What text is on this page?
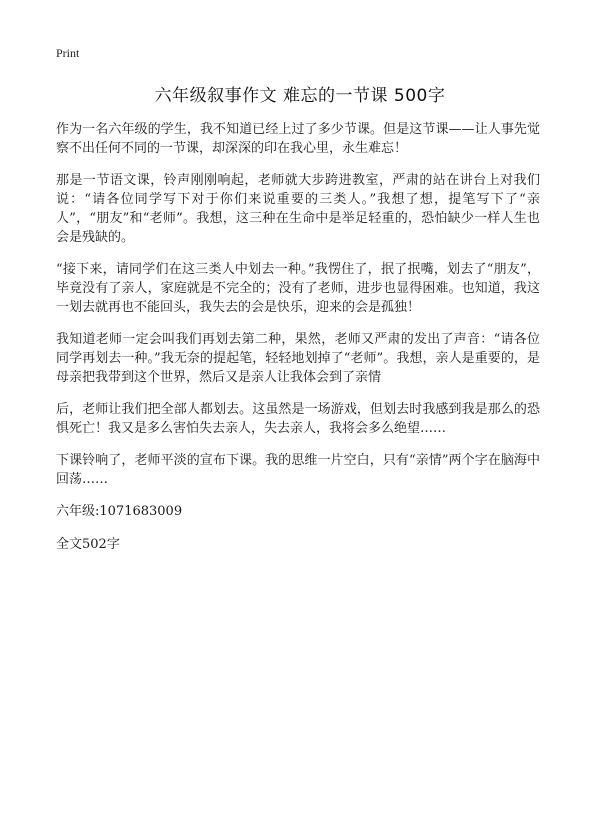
Print
六年级叙事作文 难忘的一节课 500字

作为一名六年级的学生，我不知道已经上过了多少节课。但是这节课——让人事先觉察不出任何不同的一节课，却深深的印在我心里，永生难忘！

那是一节语文课，铃声刚刚响起，老师就大步跨进教室，严肃的站在讲台上对我们说：“请各位同学写下对于你们来说重要的三类人。”我想了想，提笔写下了“亲人”，“朋友”和“老师”。我想，这三种在生命中是举足轻重的，恐怕缺少一样人生也会是残缺的。

“接下来，请同学们在这三类人中划去一种。”我愣住了，抿了抿嘴，划去了“朋友”，毕竟没有了亲人，家庭就是不完全的；没有了老师，进步也显得困难。也知道，我这一划去就再也不能回头，我失去的会是快乐，迎来的会是孤独！

我知道老师一定会叫我们再划去第二种，果然，老师又严肃的发出了声音：“请各位同学再划去一种。”我无奈的提起笔，轻轻地划掉了“老师”。我想，亲人是重要的，是母亲把我带到这个世界，然后又是亲人让我体会到了亲情

后，老师让我们把全部人都划去。这虽然是一场游戏，但划去时我感到我是那么的恐惧死亡！我又是多么害怕失去亲人，失去亲人，我将会多么绝望……

下课铃响了，老师平淡的宣布下课。我的思维一片空白，只有“亲情”两个字在脑海中回荡……

六年级:1071683009

全文502字
